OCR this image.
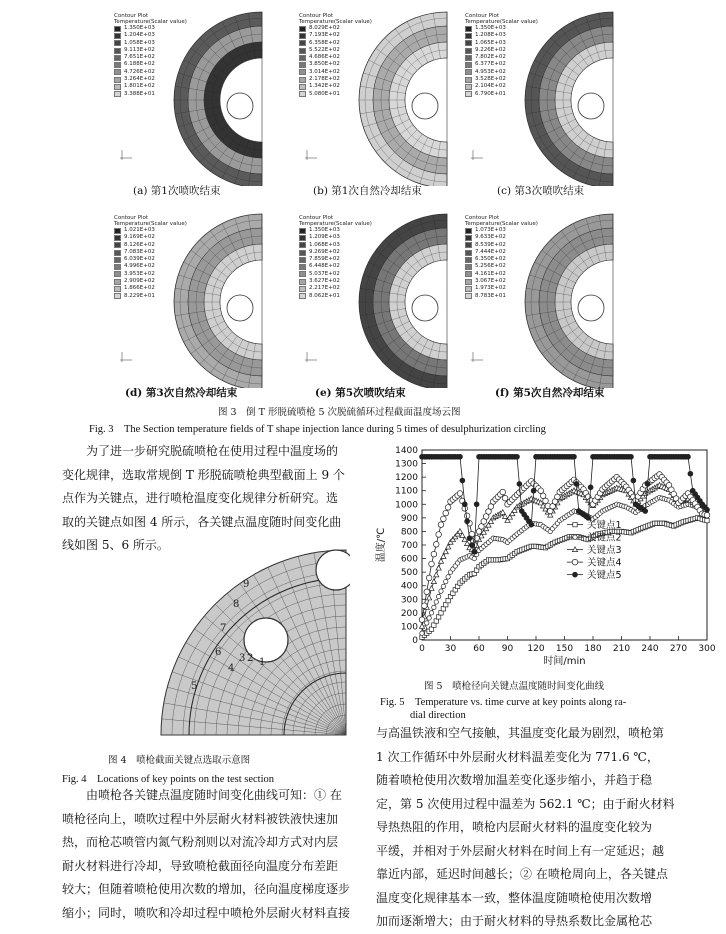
Contour Plot
Temperature(Scalar value)
1.350E+03
1.204E+03
1.058E+03
9.113E+02
7.651E+02
6.188E+02
4.726E+02
3.264E+02
1.801E+02
3.388E+01
Contour Plot
Temperature(Scalar value)
8.029E+02
7.193E+02
6.358E+02
5.522E+02
4.686E+02
3.850E+02
3.014E+02
2.178E+02
1.342E+02
5.080E+01
Contour Plot
Temperature(Scalar value)
1.350E+03
1.208E+03
1.065E+03
9.226E+02
7.802E+02
6.377E+02
4.953E+02
3.528E+02
2.104E+02
6.790E+01
Contour Plot
Temperature(Scalar value)
1.021E+03
9.169E+02
8.126E+02
7.083E+02
6.039E+02
4.996E+02
3.953E+02
2.909E+02
1.866E+02
8.229E+01
Contour Plot
Temperature(Scalar value)
1.350E+03
1.209E+03
1.068E+03
9.269E+02
7.859E+02
6.448E+02
5.037E+02
3.627E+02
2.217E+02
8.062E+01
Contour Plot
Temperature(Scalar value)
1.073E+03
9.633E+02
8.539E+02
7.444E+02
6.350E+02
5.256E+02
4.161E+02
3.067E+02
1.973E+02
8.783E+01
图 3　倒 T 形脱硫喷枪 5 次脱硫循环过程截面温度场云图
Fig. 3　The Section temperature fields of T shape injection lance during 5 times of desulphurization circling
为了进一步研究脱硫喷枪在使用过程中温度场的
变化规律，选取常规倒 T 形脱硫喷枪典型截面上 9 个
点作为关键点，进行喷枪温度变化规律分析研究。选
取的关键点如图 4 所示，各关键点温度随时间变化曲
线如图 5、6 所示。
1
2
3
4
5
6
7
8
9
图 4　喷枪截面关键点选取示意图
Fig. 4　Locations of key points on the test section
由喷枪各关键点温度随时间变化曲线可知：① 在
喷枪径向上，喷吹过程中外层耐火材料被铁液快速加
热，而枪芯喷管内氮气粉剂则以对流冷却方式对内层
耐火材料进行冷却，导致喷枪截面径向温度分布差距
较大；但随着喷枪使用次数的增加，径向温度梯度逐步
缩小；同时，喷吹和冷却过程中喷枪外层耐火材料直接
0 30 60 90 120 150 180 210 240 270 300
0
100
200
300
400
500
600
700
800
900
1000
1100
1200
1300
1400
时间/min
温度/℃
关键点1
关键点2
关键点3
关键点4
关键点5
图 5　喷枪径向关键点温度随时间变化曲线
Fig. 5　Temperature vs. time curve at key points along ra-
dial direction
与高温铁液和空气接触，其温度变化最为剧烈，喷枪第
1 次工作循环中外层耐火材料温差变化为 771.6 ℃，
随着喷枪使用次数增加温差变化逐步缩小，并趋于稳
定，第 5 次使用过程中温差为 562.1 ℃；由于耐火材料
导热热阻的作用，喷枪内层耐火材料的温度变化较为
平缓，并相对于外层耐火材料在时间上有一定延迟；越
靠近内部，延迟时间越长；② 在喷枪周向上，各关键点
温度变化规律基本一致，整体温度随喷枪使用次数增
加而逐渐增大；由于耐火材料的导热系数比金属枪芯
(a) 第1次喷吹结束	(b) 第1次自然冷却结束	(c) 第3次喷吹结束
(d) 第3次自然冷却结束	(e) 第5次喷吹结束	(f) 第5次自然冷却结束
